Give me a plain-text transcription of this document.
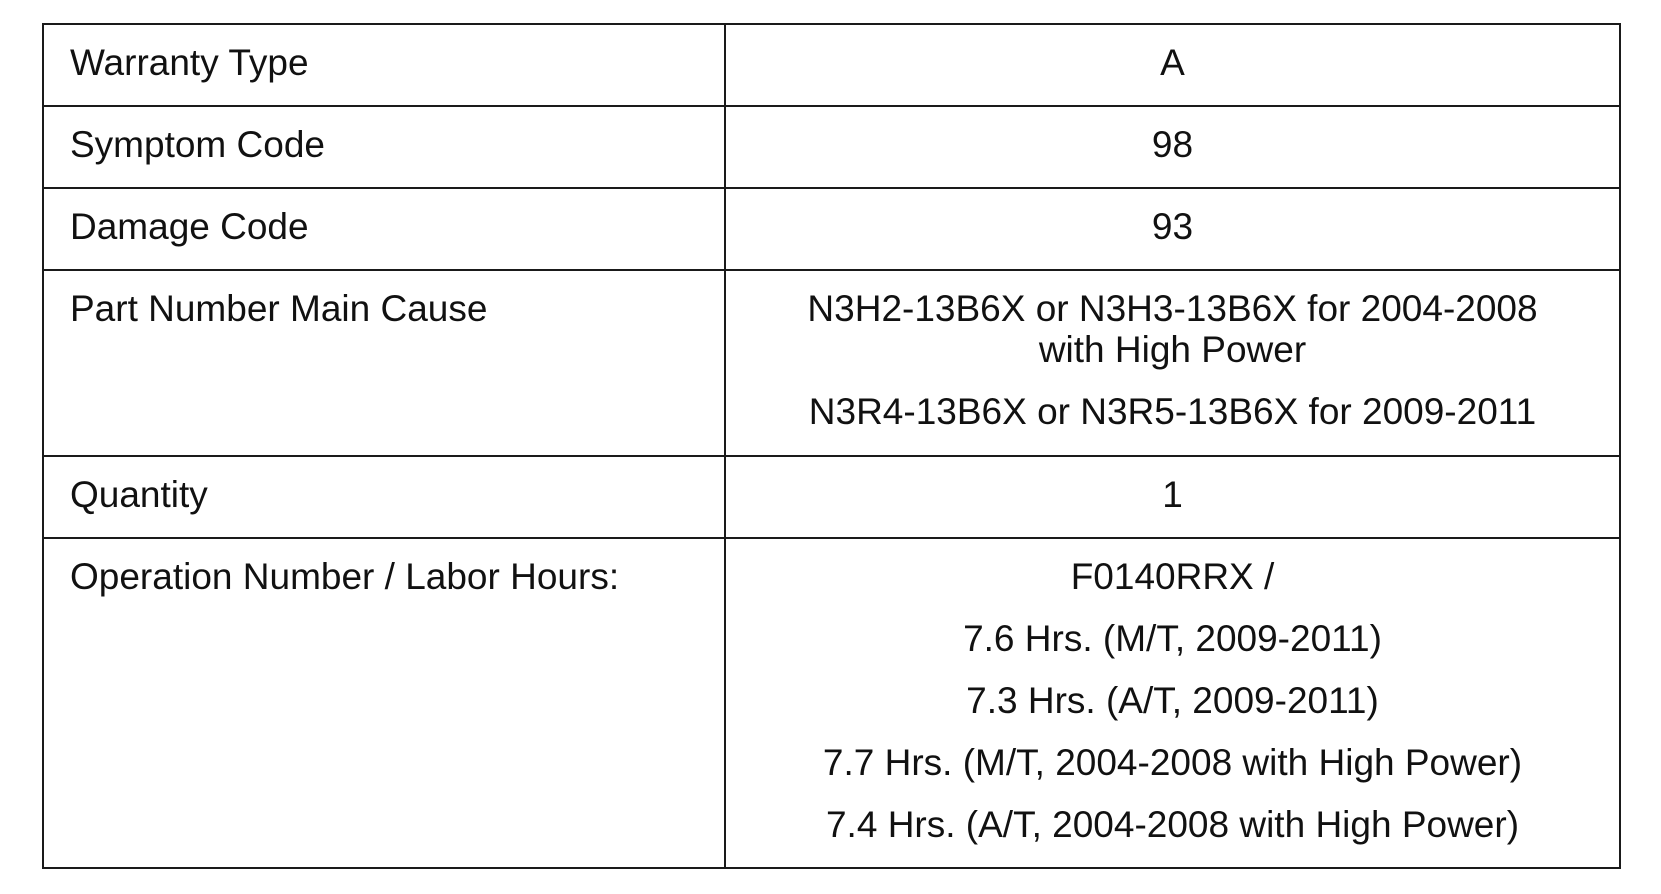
Warranty Type	A

Symptom Code	98

Damage Code	93

Part Number Main Cause	N3H2-13B6X or N3H3-13B6X for 2004-2008
with High Power
N3R4-13B6X or N3R5-13B6X for 2009-2011

Quantity	1

Operation Number / Labor Hours:	F0140RRX /
7.6 Hrs. (M/T, 2009-2011)
7.3 Hrs. (A/T, 2009-2011)
7.7 Hrs. (M/T, 2004-2008 with High Power)
7.4 Hrs. (A/T, 2004-2008 with High Power)
